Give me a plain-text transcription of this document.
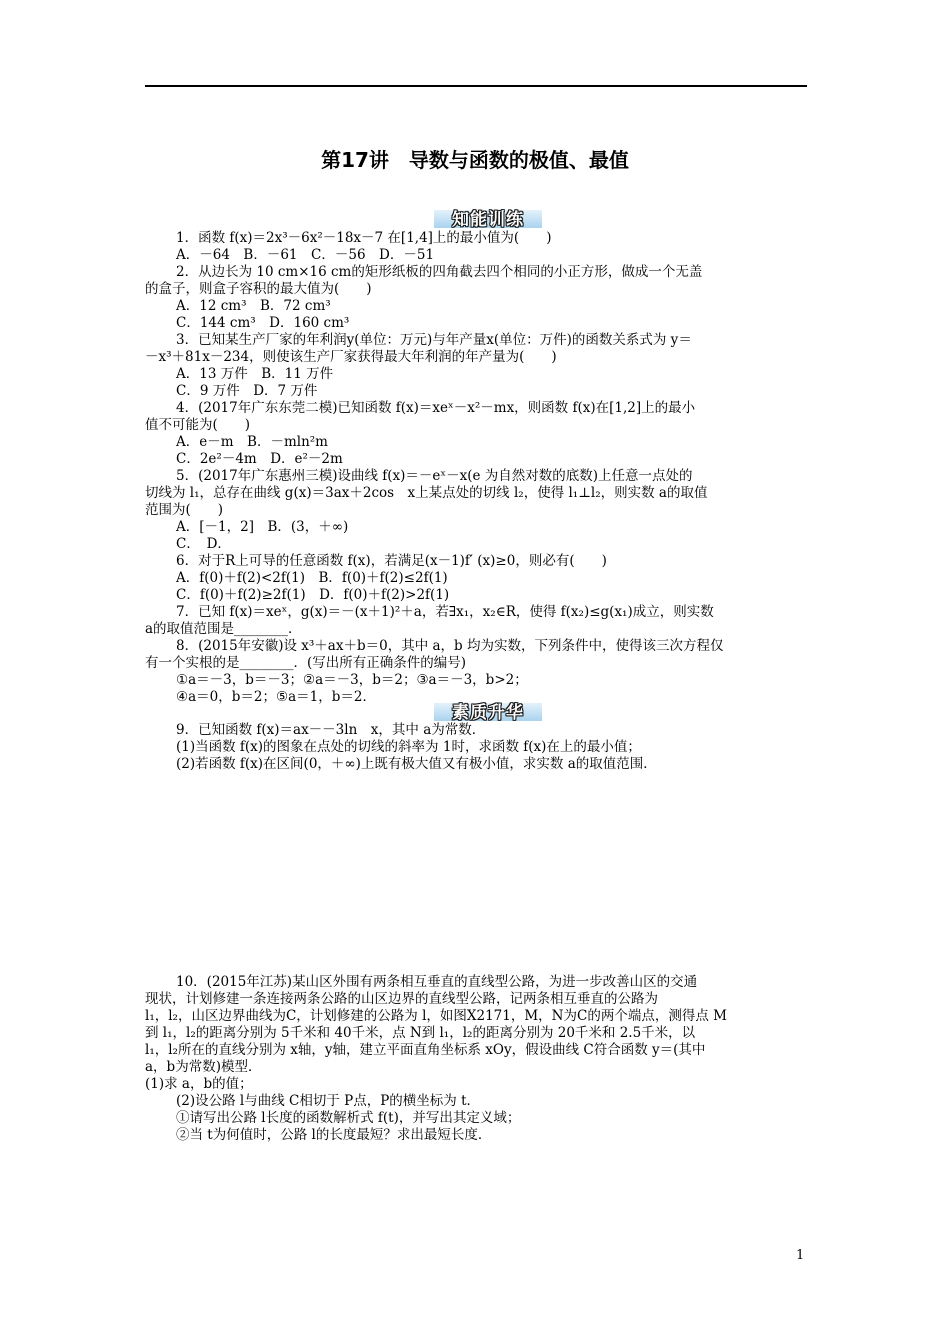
第17讲　导数与函数的极值、最值
知能训练
1．函数 f(x)＝2x³－6x²－18x－7 在[1,4]上的最小值为(　　)
A．－64　B．－61　C．－56　D．－51
2．从边长为 10 cm×16 cm的矩形纸板的四角截去四个相同的小正方形，做成一个无盖
的盒子，则盒子容积的最大值为(　　)
A．12 cm³　B．72 cm³
C．144 cm³　D．160 cm³
3．已知某生产厂家的年利润y(单位：万元)与年产量x(单位：万件)的函数关系式为 y＝
－x³＋81x－234，则使该生产厂家获得最大年利润的年产量为(　　)
A．13 万件　B．11 万件
C．9 万件　D．7 万件
4．(2017年广东东莞二模)已知函数 f(x)＝xeˣ－x²－mx，则函数 f(x)在[1,2]上的最小
值不可能为(　　)
A．e－m　B．－mln²m
C．2e²－4m　D．e²－2m
5．(2017年广东惠州三模)设曲线 f(x)＝－eˣ－x(e 为自然对数的底数)上任意一点处的
切线为 l₁，总存在曲线 g(x)＝3ax＋2cos　x上某点处的切线 l₂，使得 l₁⊥l₂，则实数 a的取值
范围为(　　)
A．[－1，2]　B．(3，＋∞)
C．　D．
6．对于R上可导的任意函数 f(x)，若满足(x－1)f′ (x)≥0，则必有(　　)
A．f(0)＋f(2)<2f(1)　B．f(0)＋f(2)≤2f(1)
C．f(0)＋f(2)≥2f(1)　D．f(0)＋f(2)>2f(1)
7．已知 f(x)＝xeˣ，g(x)＝－(x＋1)²＋a，若∃x₁，x₂∈R，使得 f(x₂)≤g(x₁)成立，则实数
a的取值范围是________．
8．(2015年安徽)设 x³＋ax＋b＝0，其中 a，b 均为实数，下列条件中，使得该三次方程仅
有一个实根的是________．(写出所有正确条件的编号)
①a＝－3，b＝－3；②a＝－3，b＝2；③a＝－3，b>2；
④a＝0，b＝2；⑤a＝1，b＝2．
素质升华
9．已知函数 f(x)＝ax－－3ln　x，其中 a为常数．
(1)当函数 f(x)的图象在点处的切线的斜率为 1时，求函数 f(x)在上的最小值；
(2)若函数 f(x)在区间(0，＋∞)上既有极大值又有极小值，求实数 a的取值范围．
10．(2015年江苏)某山区外围有两条相互垂直的直线型公路，为进一步改善山区的交通
现状，计划修建一条连接两条公路的山区边界的直线型公路，记两条相互垂直的公路为
l₁，l₂，山区边界曲线为C，计划修建的公路为 l，如图X2171，M，N为C的两个端点，测得点 M
到 l₁，l₂的距离分别为 5千米和 40千米，点 N到 l₁，l₂的距离分别为 20千米和 2.5千米，以
l₁，l₂所在的直线分别为 x轴，y轴，建立平面直角坐标系 xOy，假设曲线 C符合函数 y＝(其中
a，b为常数)模型．
(1)求 a，b的值；
(2)设公路 l与曲线 C相切于 P点，P的横坐标为 t．
①请写出公路 l长度的函数解析式 f(t)，并写出其定义域；
②当 t为何值时，公路 l的长度最短？求出最短长度．
1
